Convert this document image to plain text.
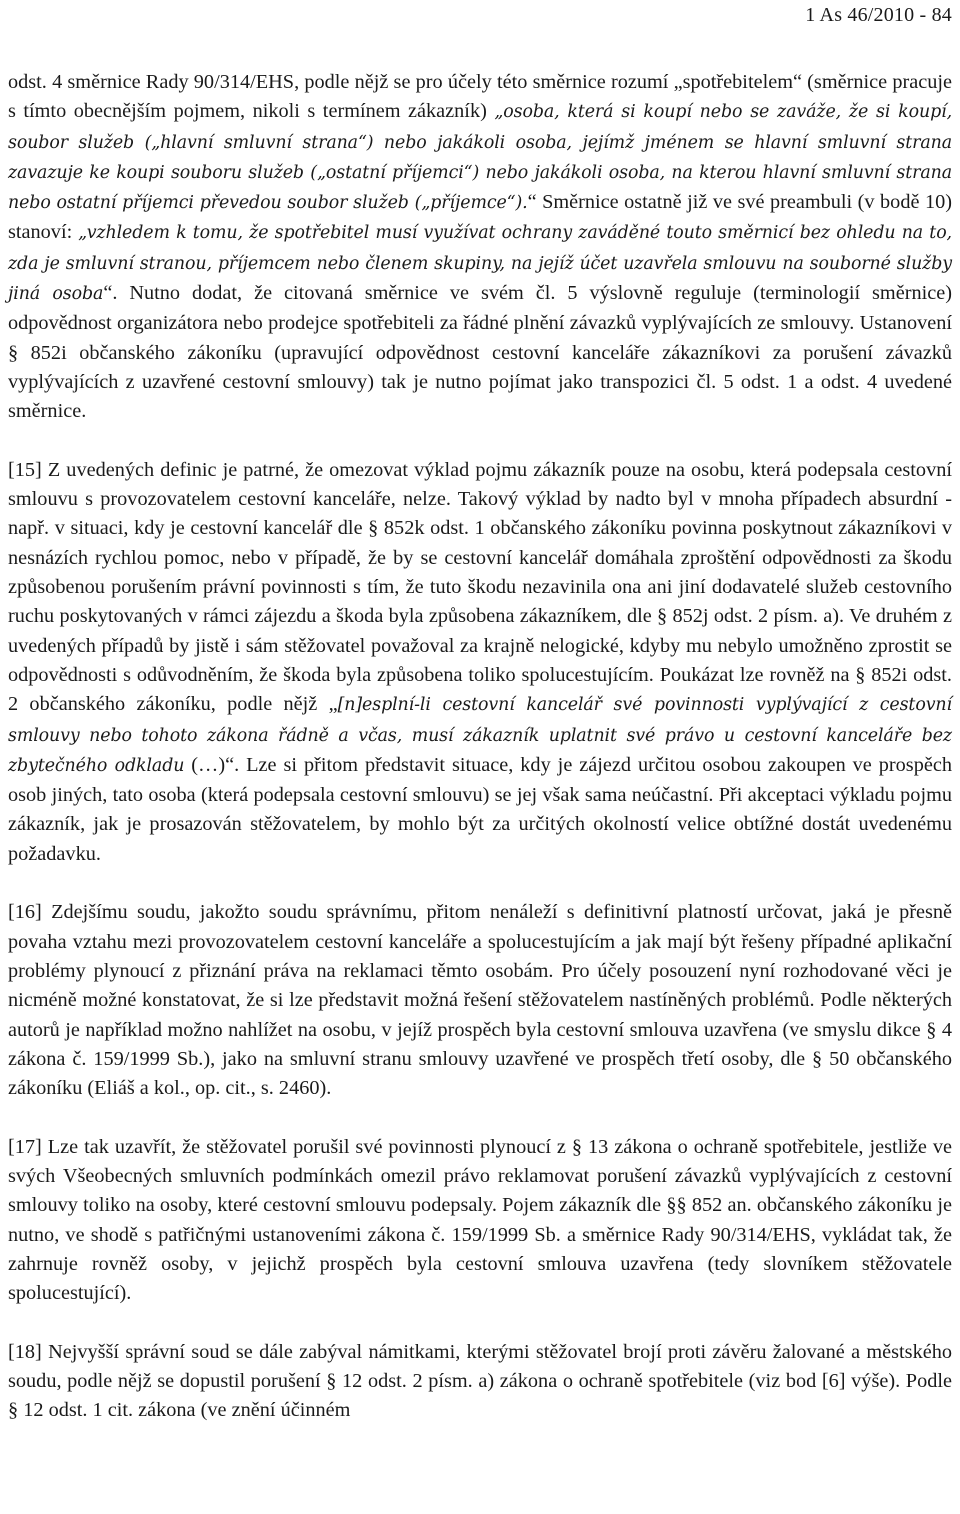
1 As 46/2010 - 84

odst. 4 směrnice Rady 90/314/EHS, podle nějž se pro účely této směrnice rozumí „spotřebitelem“ (směrnice pracuje s tímto obecnějším pojmem, nikoli s termínem zákazník) „osoba, která si koupí nebo se zaváže, že si koupí, soubor služeb („hlavní smluvní strana“) nebo jakákoli osoba, jejímž jménem se hlavní smluvní strana zavazuje ke koupi souboru služeb („ostatní příjemci“) nebo jakákoli osoba, na kterou hlavní smluvní strana nebo ostatní příjemci převedou soubor služeb („příjemce“).“ Směrnice ostatně již ve své preambuli (v bodě 10) stanoví: „vzhledem k tomu, že spotřebitel musí využívat ochrany zaváděné touto směrnicí bez ohledu na to, zda je smluvní stranou, příjemcem nebo členem skupiny, na jejíž účet uzavřela smlouvu na souborné služby jiná osoba“. Nutno dodat, že citovaná směrnice ve svém čl. 5 výslovně reguluje (terminologií směrnice) odpovědnost organizátora nebo prodejce spotřebiteli za řádné plnění závazků vyplývajících ze smlouvy. Ustanovení § 852i občanského zákoníku (upravující odpovědnost cestovní kanceláře zákazníkovi za porušení závazků vyplývajících z uzavřené cestovní smlouvy) tak je nutno pojímat jako transpozici čl. 5 odst. 1 a odst. 4 uvedené směrnice.

[15] Z uvedených definic je patrné, že omezovat výklad pojmu zákazník pouze na osobu, která podepsala cestovní smlouvu s provozovatelem cestovní kanceláře, nelze. Takový výklad by nadto byl v mnoha případech absurdní - např. v situaci, kdy je cestovní kancelář dle § 852k odst. 1 občanského zákoníku povinna poskytnout zákazníkovi v nesnázích rychlou pomoc, nebo v případě, že by se cestovní kancelář domáhala zproštění odpovědnosti za škodu způsobenou porušením právní povinnosti s tím, že tuto škodu nezavinila ona ani jiní dodavatelé služeb cestovního ruchu poskytovaných v rámci zájezdu a škoda byla způsobena zákazníkem, dle § 852j odst. 2 písm. a). Ve druhém z uvedených případů by jistě i sám stěžovatel považoval za krajně nelogické, kdyby mu nebylo umožněno zprostit se odpovědnosti s odůvodněním, že škoda byla způsobena toliko spolucestujícím. Poukázat lze rovněž na § 852i odst. 2 občanského zákoníku, podle nějž „[n]esplní-li cestovní kancelář své povinnosti vyplývající z cestovní smlouvy nebo tohoto zákona řádně a včas, musí zákazník uplatnit své právo u cestovní kanceláře bez zbytečného odkladu (…)“. Lze si přitom představit situace, kdy je zájezd určitou osobou zakoupen ve prospěch osob jiných, tato osoba (která podepsala cestovní smlouvu) se jej však sama neúčastní. Při akceptaci výkladu pojmu zákazník, jak je prosazován stěžovatelem, by mohlo být za určitých okolností velice obtížné dostát uvedenému požadavku.

[16] Zdejšímu soudu, jakožto soudu správnímu, přitom nenáleží s definitivní platností určovat, jaká je přesně povaha vztahu mezi provozovatelem cestovní kanceláře a spolucestujícím a jak mají být řešeny případné aplikační problémy plynoucí z přiznání práva na reklamaci těmto osobám. Pro účely posouzení nyní rozhodované věci je nicméně možné konstatovat, že si lze představit možná řešení stěžovatelem nastíněných problémů. Podle některých autorů je například možno nahlížet na osobu, v jejíž prospěch byla cestovní smlouva uzavřena (ve smyslu dikce § 4 zákona č. 159/1999 Sb.), jako na smluvní stranu smlouvy uzavřené ve prospěch třetí osoby, dle § 50 občanského zákoníku (Eliáš a kol., op. cit., s. 2460).

[17] Lze tak uzavřít, že stěžovatel porušil své povinnosti plynoucí z § 13 zákona o ochraně spotřebitele, jestliže ve svých Všeobecných smluvních podmínkách omezil právo reklamovat porušení závazků vyplývajících z cestovní smlouvy toliko na osoby, které cestovní smlouvu podepsaly. Pojem zákazník dle §§ 852 an. občanského zákoníku je nutno, ve shodě s patřičnými ustanoveními zákona č. 159/1999 Sb. a směrnice Rady 90/314/EHS, vykládat tak, že zahrnuje rovněž osoby, v jejichž prospěch byla cestovní smlouva uzavřena (tedy slovníkem stěžovatele spolucestující).

[18] Nejvyšší správní soud se dále zabýval námitkami, kterými stěžovatel brojí proti závěru žalované a městského soudu, podle nějž se dopustil porušení § 12 odst. 2 písm. a) zákona o ochraně spotřebitele (viz bod [6] výše). Podle § 12 odst. 1 cit. zákona (ve znění účinném
